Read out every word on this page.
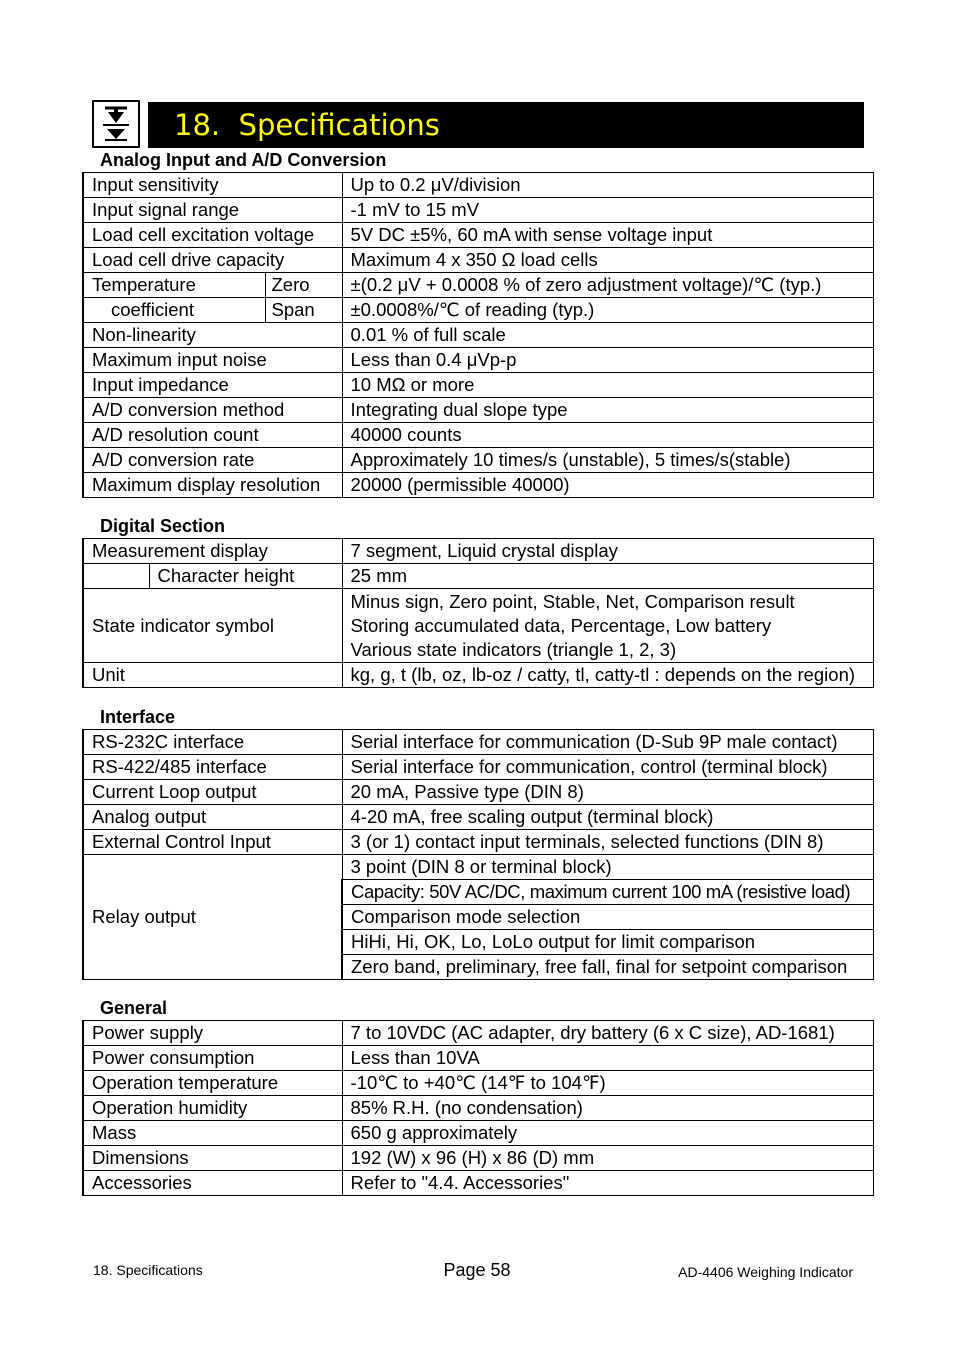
18.  Specifications
Analog Input and A/D Conversion
Input sensitivity		Up to 0.2 μV/division
Input signal range		-1 mV to 15 mV
Load cell excitation voltage		5V DC ±5%, 60 mA with sense voltage input
Load cell drive capacity		Maximum 4 x 350 Ω load cells
Temperature	Zero	±(0.2 μV + 0.0008 % of zero adjustment voltage)/℃ (typ.)
coefficient	Span	±0.0008%/℃ of reading (typ.)
Non-linearity		0.01 % of full scale
Maximum input noise		Less than 0.4 μVp-p
Input impedance		10 MΩ or more
A/D conversion method		Integrating dual slope type
A/D resolution count		40000 counts
A/D conversion rate		Approximately 10 times/s (unstable), 5 times/s(stable)
Maximum display resolution		20000 (permissible 40000)
Digital Section
Measurement display		7 segment, Liquid crystal display
	Character height	25 mm
State indicator symbol		Minus sign, Zero point, Stable, Net, Comparison result
Storing accumulated data, Percentage, Low battery
Various state indicators (triangle 1, 2, 3)

Unit		kg, g, t (lb, oz, lb-oz / catty, tl, catty-tl : depends on the region)
Interface
RS-232C interface	Serial interface for communication (D-Sub 9P male contact)
RS-422/485 interface	Serial interface for communication, control (terminal block)
Current Loop output	20 mA, Passive type (DIN 8)
Analog output	4-20 mA, free scaling output (terminal block)
External Control Input	3 (or 1) contact input terminals, selected functions (DIN 8)
Relay output	3 point (DIN 8 or terminal block)
	Capacity: 50V AC/DC, maximum current 100 mA (resistive load)
	Comparison mode selection
	HiHi, Hi, OK, Lo, LoLo output for limit comparison
	Zero band, preliminary, free fall, final for setpoint comparison
General
Power supply	7 to 10VDC (AC adapter, dry battery (6 x C size), AD-1681)
Power consumption	Less than 10VA
Operation temperature	-10℃ to +40℃ (14℉ to 104℉)
Operation humidity	85% R.H. (no condensation)
Mass	650 g approximately
Dimensions	192 (W) x 96 (H) x 86 (D) mm
Accessories	Refer to "4.4. Accessories"
18. Specifications	Page 58	AD-4406 Weighing Indicator
